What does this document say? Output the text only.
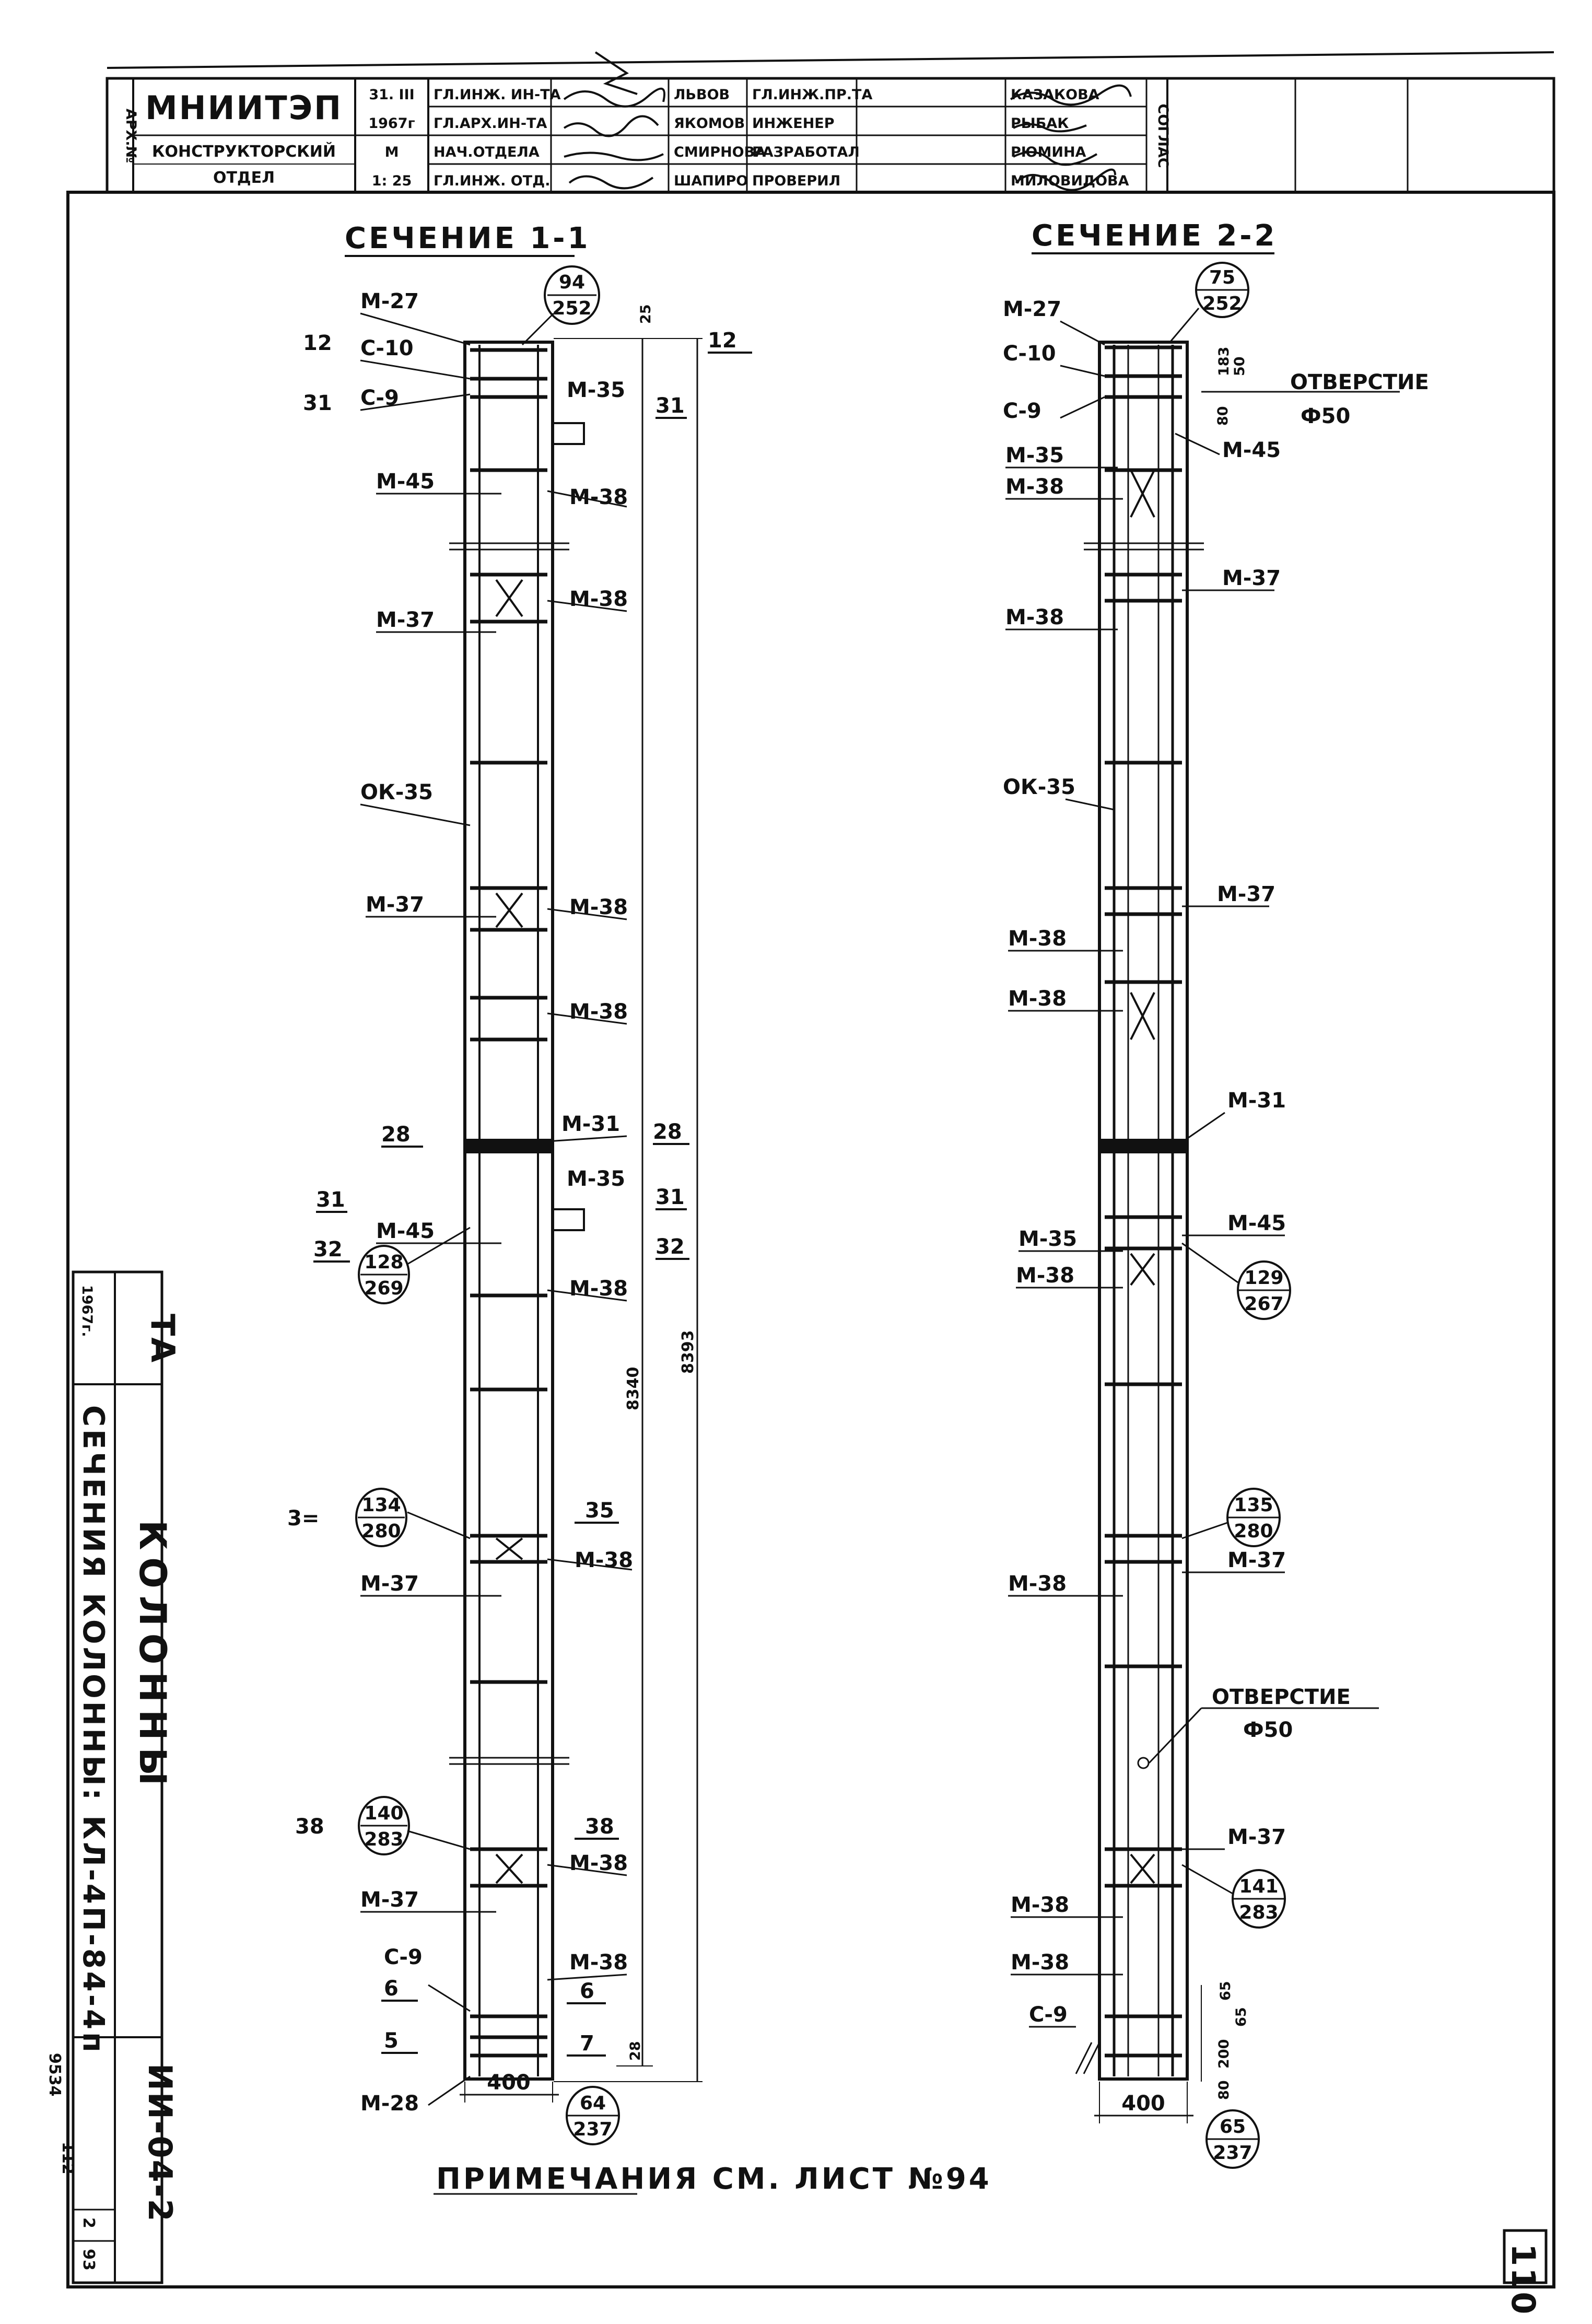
АРХ.№
МНИИТЭП
КОНСТРУКТОРСКИЙ
ОТДЕЛ
31. III
1967г
М
1: 25
СОГЛАС
ГЛ.ИНЖ. ИН-ТА
ГЛ.АРХ.ИН-ТА
НАЧ.ОТДЕЛА
ГЛ.ИНЖ. ОТД.
ЛЬВОВ
ЯКОМОВ
СМИРНОВА
ШАПИРО
ГЛ.ИНЖ.ПР.ТА
ИНЖЕНЕР
РАЗРАБОТАЛ
ПРОВЕРИЛ
КАЗАКОВА
РЫБАК
РЮМИНА
МИЛОВИДОВА
СЕЧЕНИЕ 1-1	СЕЧЕНИЕ 2-2
М-27
С-10
С-9
М-45
М-37
ОК-35
М-37
М-45
М-37
М-37
С-9
М-28
М-35
М-38
М-38
М-38
М-38
М-31
М-35
М-38
М-38
М-38
М-38
12
31
28
31
32
3=
38
6
5
12
31
28
31
32
35
38
6
7
94
252
128
269
134
280
140
283
64
237
25
28
8340
8393
400
М-27
С-10
С-9
М-35
М-38
М-38
ОК-35
М-38
М-38
М-35
М-38
М-38
М-38
М-38
С-9
М-45
М-37
М-37
М-31
М-45
М-37
М-37
ОТВЕРСТИЕ
Ф50
ОТВЕРСТИЕ
Ф50
75
252
129
267
135
280
141
283
65
237
183 50
80
65
65
200
80
400
ТА
1967г.
КОЛОННЫ
СЕЧЕНИЯ КОЛОННЫ: КЛ-4П-84-4п
ИИ-04-2
2
93
9534
112
ПРИМЕЧАНИЯ СМ. ЛИСТ №94
110
